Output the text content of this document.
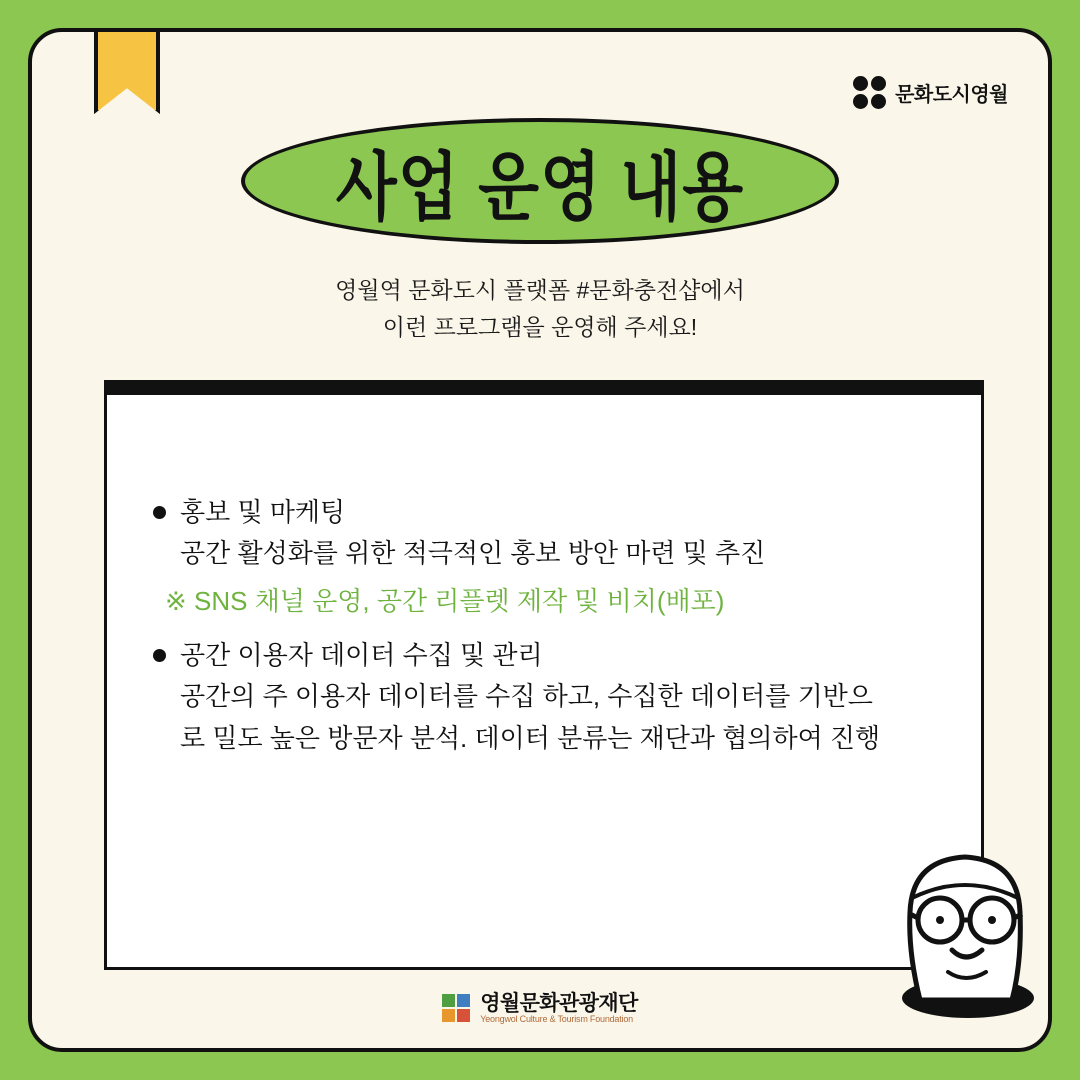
문화도시영월
사업 운영 내용
영월역 문화도시 플랫폼 #문화충전샵에서
이런 프로그램을 운영해 주세요!
홍보 및 마케팅
공간 활성화를 위한 적극적인 홍보 방안 마련 및 추진
※ SNS 채널 운영, 공간 리플렛 제작 및 비치(배포)
공간 이용자 데이터 수집 및 관리
공간의 주 이용자 데이터를 수집 하고, 수집한 데이터를 기반으
로 밀도 높은 방문자 분석. 데이터 분류는 재단과 협의하여 진행
영월문화관광재단
Yeongwol Culture & Tourism Foundation
